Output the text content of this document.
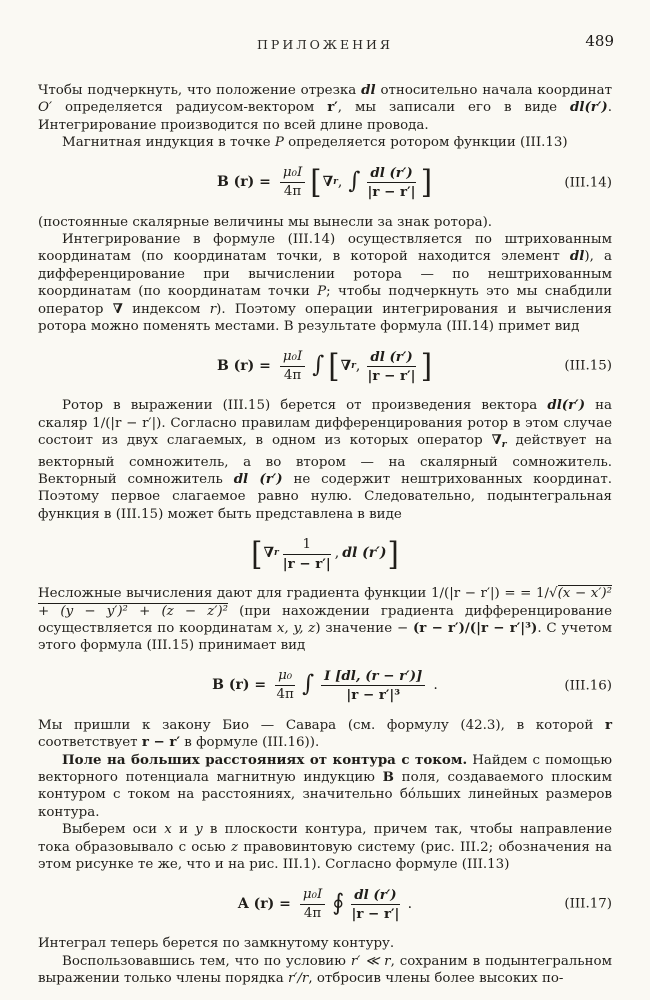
ПРИЛОЖЕНИЯ	489

Чтобы подчеркнуть, что положение отрезка dl относительно начала координат O′ определяется радиусом-вектором r′, мы записали его в виде dl(r′). Интегрирование производится по всей длине провода.

Магнитная индукция в точке P определяется ротором функции (III.13)

B $(r) = \frac{\text{μ₀I}}{4\pi}$ [ ∇ r , ∫ $\frac{dl (r')}{|r - r'|}$ ]	(III.14)

(постоянные скалярные величины мы вынесли за знак ротора).

Интегрирование в формуле (III.14) осуществляется по штрихованным координатам (по координатам точки, в которой находится элемент dl), а дифференцирование при вычислении ротора — по нештрихованным координатам (по координатам точки P; чтобы подчеркнуть это мы снабдили оператор ∇ индексом r). Поэтому операции интегрирования и вычисления ротора можно поменять местами. В результате формула (III.14) примет вид

B $(r) = \frac{\text{μ₀I}}{4\pi}$ ∫ [ ∇ r , $\frac{dl (r')}{|r - r'|}$ ]	(III.15)

Ротор в выражении (III.15) берется от произведения вектора dl(r′) на скаляр 1/(|r − r′|). Согласно правилам дифференцирования ротор в этом случае состоит из двух слагаемых, в одном из которых оператор $\nabla_r$ действует на векторный сомножитель, а во втором — на скалярный сомножитель. Векторный сомножитель dl (r′) не содержит нештрихованных координат. Поэтому первое слагаемое равно нулю. Следовательно, подынтегральная функция в (III.15) может быть представлена в виде

[ ∇ r $\frac{1}{|r - r'|}$ , dl (r′) ]

Несложные вычисления дают для градиента функции 1/(|r − r′|) = = 1/√(x − x′)² + (y − y′)² + (z − z′)² (при нахождении градиента дифференцирование осуществляется по координатам x, y, z) значение − (r − r′)/(|r − r′|³). С учетом этого формула (III.15) принимает вид

B $(r) = \frac{\text{μ₀}}{4\pi}$ ∫ $\frac{I [dl, (r - r')]}{\text{|r − r′|³}}$ .	(III.16)

Мы пришли к закону Био — Савара (см. формулу (42.3), в которой r соответствует r − r′ в формуле (III.16)).

Поле на больших расстояниях от контура с током. Найдем с помощью векторного потенциала магнитную индукцию B поля, создаваемого плоским контуром с током на расстояниях, значительно бо́льших линейных размеров контура.

Выберем оси x и y в плоскости контура, причем так, чтобы направление тока образовывало с осью z правовинтовую систему (рис. III.2; обозначения на этом рисунке те же, что и на рис. III.1). Согласно формуле (III.13)

A $(r) = \frac{\text{μ₀I}}{4\pi}$ ∮ $\frac{dl (r')}{|r - r'|}$ .	(III.17)

Интеграл теперь берется по замкнутому контуру.

Воспользовавшись тем, что по условию r′ ≪ r, сохраним в подынтегральном выражении только члены порядка r′/r, отбросив члены более высоких по-
